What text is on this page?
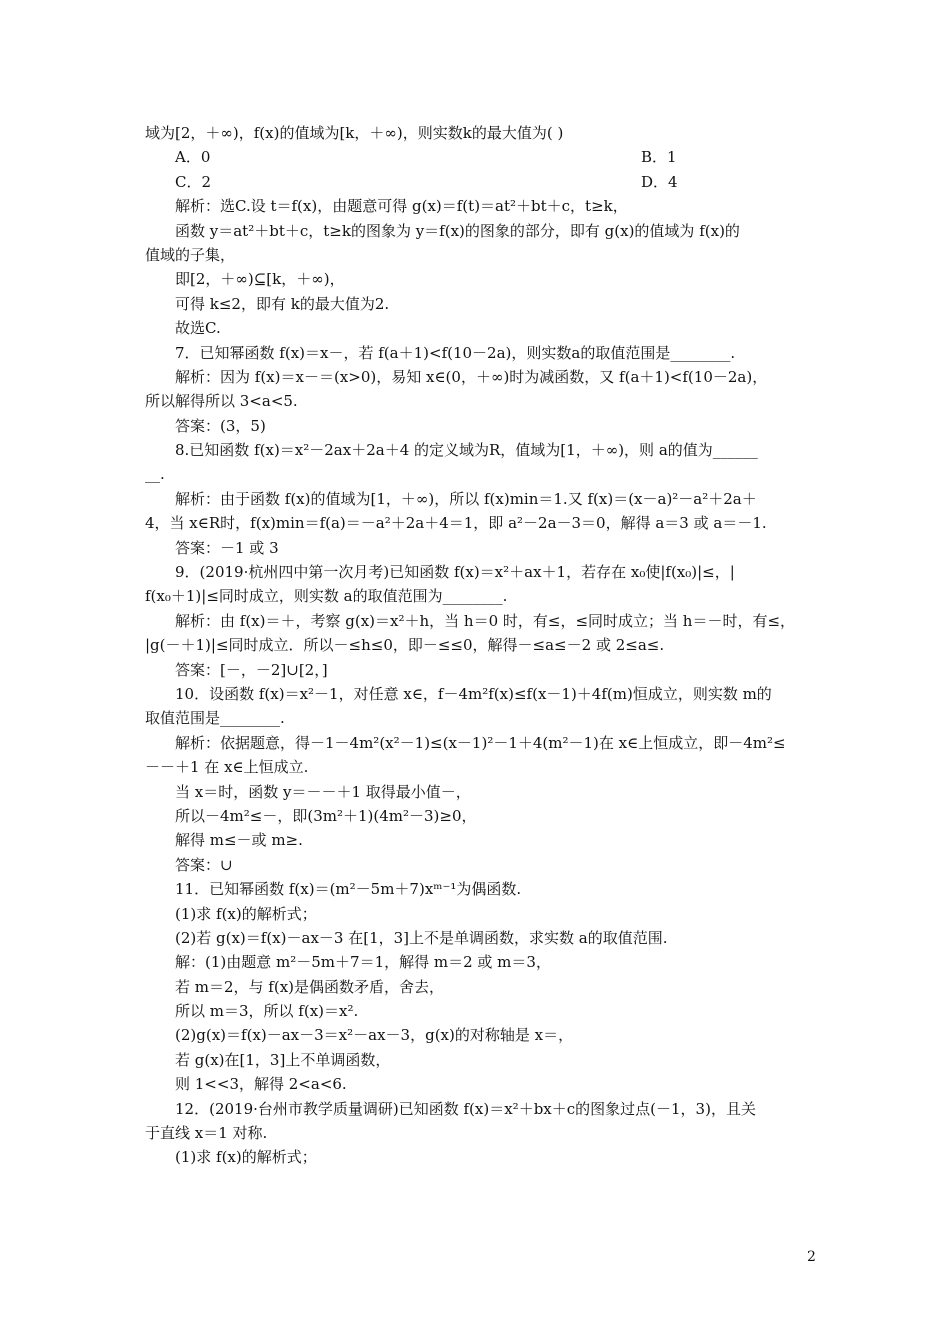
域为[2，＋∞)，f(x)的值域为[k，＋∞)，则实数k的最大值为( )
A．0	B．1
C．2	D．4
解析：选C.设 t＝f(x)，由题意可得 g(x)＝f(t)＝at²＋bt＋c，t≥k，
函数 y＝at²＋bt＋c，t≥k的图象为 y＝f(x)的图象的部分，即有 g(x)的值域为 f(x)的
值域的子集，
即[2，＋∞)⊆[k，＋∞)，
可得 k≤2，即有 k的最大值为2.
故选C.
7．已知幂函数 f(x)＝x－，若 f(a＋1)<f(10－2a)，则实数a的取值范围是________.
解析：因为 f(x)＝x－＝(x>0)，易知 x∈(0，＋∞)时为减函数，又 f(a＋1)<f(10－2a)，
所以解得所以 3<a<5.
答案：(3，5)
8.已知函数 f(x)＝x²－2ax＋2a＋4 的定义域为R，值域为[1，＋∞)，则 a的值为______
__.
解析：由于函数 f(x)的值域为[1，＋∞)，所以 f(x)min＝1.又 f(x)＝(x－a)²－a²＋2a＋
4，当 x∈R时，f(x)min＝f(a)＝－a²＋2a＋4＝1，即 a²－2a－3＝0，解得 a＝3 或 a＝－1.
答案：－1 或 3
9．(2019·杭州四中第一次月考)已知函数 f(x)＝x²＋ax＋1，若存在 x₀使|f(x₀)|≤，|
f(x₀＋1)|≤同时成立，则实数 a的取值范围为________.
解析：由 f(x)＝＋，考察 g(x)＝x²＋h，当 h＝0 时，有≤，≤同时成立；当 h＝－时，有≤，
|g(－＋1)|≤同时成立．所以－≤h≤0，即－≤≤0，解得－≤a≤－2 或 2≤a≤.
答案：[－，－2]∪[2，]
10．设函数 f(x)＝x²－1，对任意 x∈，f－4m²f(x)≤f(x－1)＋4f(m)恒成立，则实数 m的
取值范围是________.
解析：依据题意，得－1－4m²(x²－1)≤(x－1)²－1＋4(m²－1)在 x∈上恒成立，即－4m²≤
－－＋1 在 x∈上恒成立.
当 x＝时，函数 y＝－－＋1 取得最小值－，
所以－4m²≤－，即(3m²＋1)(4m²－3)≥0，
解得 m≤－或 m≥.
答案：∪
11．已知幂函数 f(x)＝(m²－5m＋7)xᵐ⁻¹为偶函数.
(1)求 f(x)的解析式；
(2)若 g(x)＝f(x)－ax－3 在[1，3]上不是单调函数，求实数 a的取值范围.
解：(1)由题意 m²－5m＋7＝1，解得 m＝2 或 m＝3，
若 m＝2，与 f(x)是偶函数矛盾，舍去，
所以 m＝3，所以 f(x)＝x².
(2)g(x)＝f(x)－ax－3＝x²－ax－3，g(x)的对称轴是 x＝，
若 g(x)在[1，3]上不单调函数，
则 1<<3，解得 2<a<6.
12．(2019·台州市教学质量调研)已知函数 f(x)＝x²＋bx＋c的图象过点(－1，3)，且关
于直线 x＝1 对称.
(1)求 f(x)的解析式；
2
